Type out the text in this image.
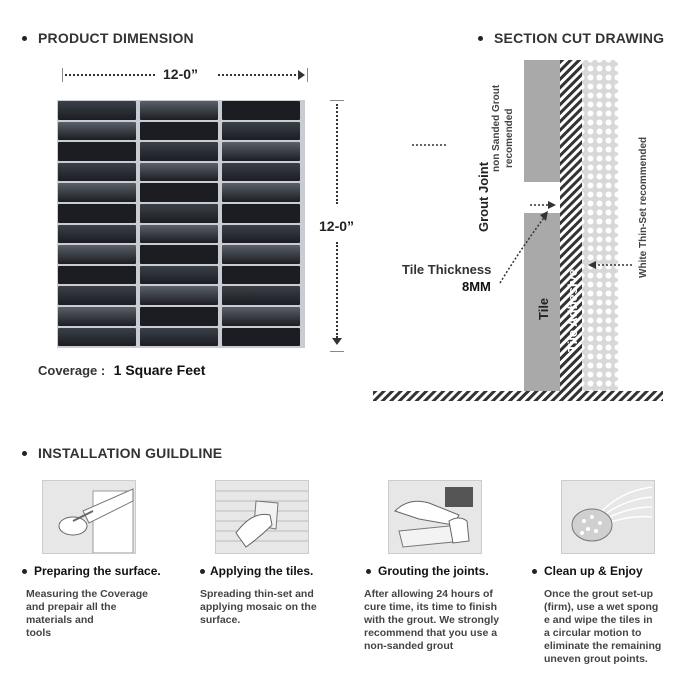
PRODUCT DIMENSION
12-0”
12-0”
Coverage : 1 Square Feet
SECTION CUT DRAWING
Grout Joint
non Sanded Grout recomended	White Thin-Set recommended
Tile Thickness
8MM
Tile Tile Adhesive
INSTALLATION GUILDLINE
Preparing the surface.
Measuring the Coverage
and prepair all the
materials and
tools
Applying the tiles.
Spreading thin-set and
applying mosaic on the
surface.
Grouting the joints.
After allowing 24 hours of
cure time, its time to finish
with the grout. We strongly
recommend that you use a
non-sanded grout
Clean up & Enjoy
Once the grout set-up
(firm), use a wet spong
e and wipe the tiles in
a circular motion to
eliminate the remaining
uneven grout points.
